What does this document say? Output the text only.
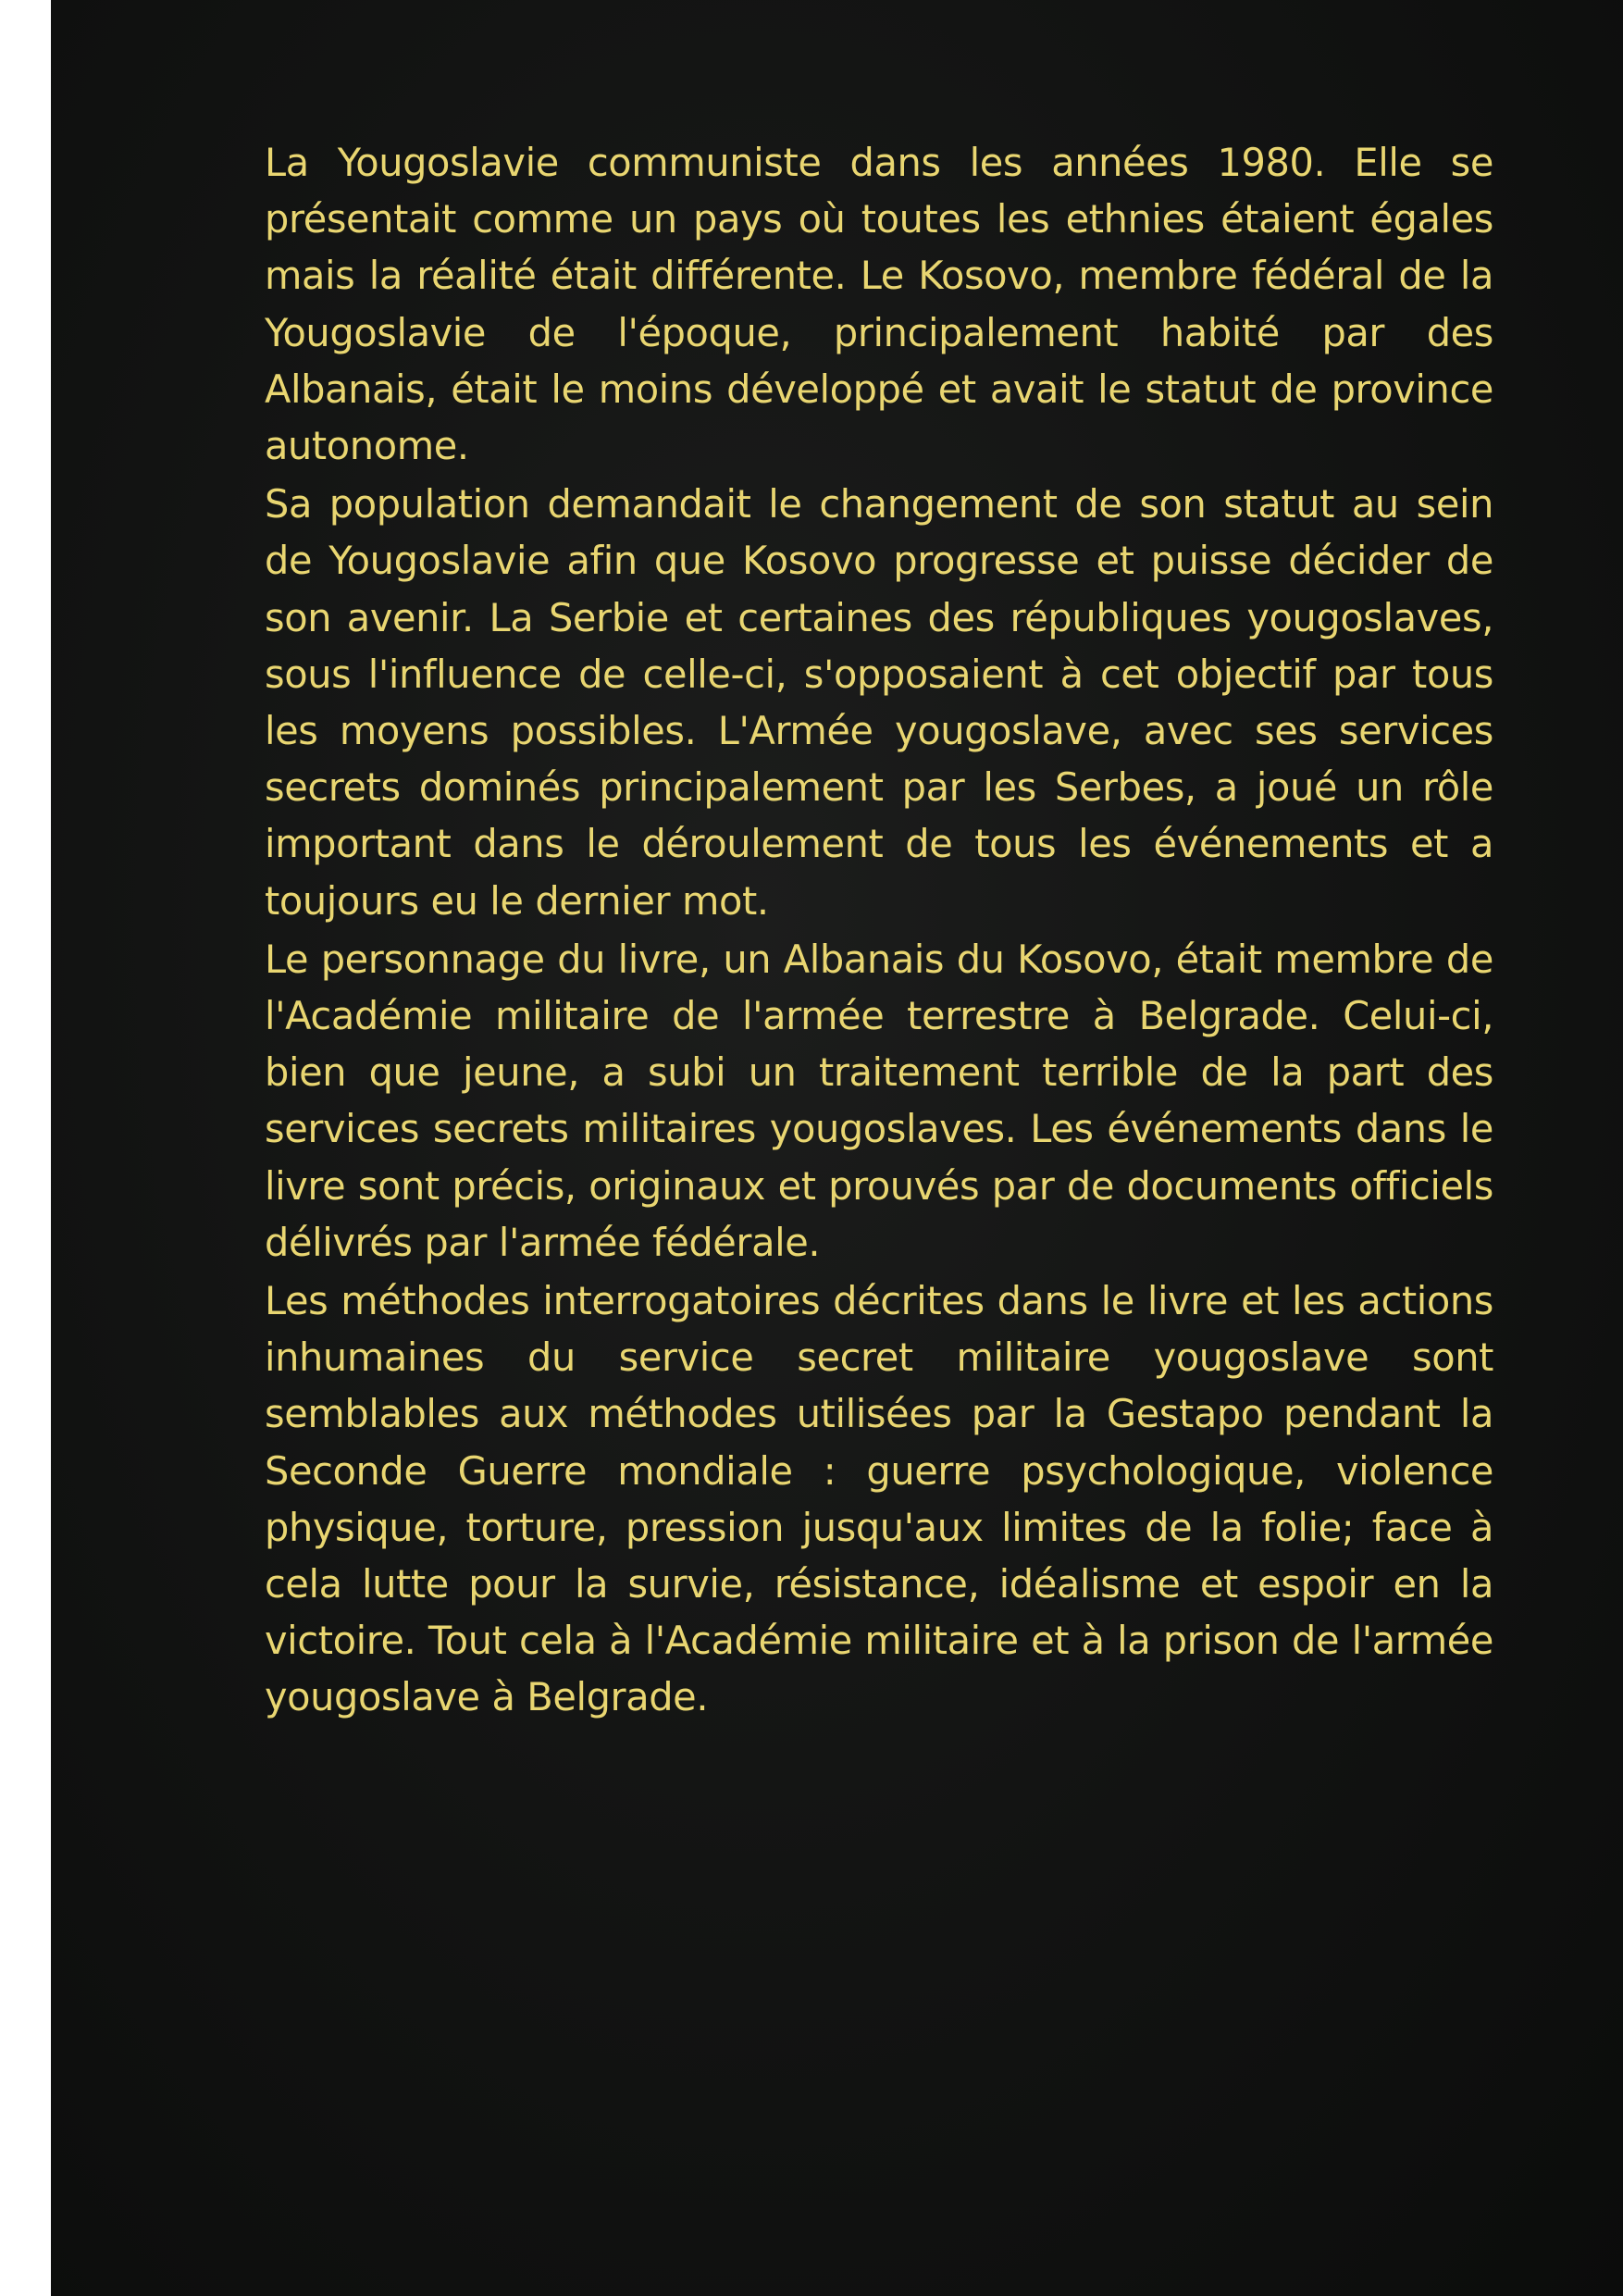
La Yougoslavie communiste dans les années 1980. Elle se présentait comme un pays où toutes les ethnies étaient égales mais la réalité était différente. Le Kosovo, membre fédéral de la Yougoslavie de l'époque, principalement habité par des Albanais, était le moins développé et avait le statut de province autonome.

Sa population demandait le changement de son statut au sein de Yougoslavie afin que Kosovo progresse et puisse décider de son avenir. La Serbie et certaines des républiques yougoslaves, sous l'influence de celle-ci, s'opposaient à cet objectif par tous les moyens possibles. L'Armée yougoslave, avec ses services secrets dominés principalement par les Serbes, a joué un rôle important dans le déroulement de tous les événements et a toujours eu le dernier mot.

Le personnage du livre, un Albanais du Kosovo, était membre de l'Académie militaire de l'armée terrestre à Belgrade. Celui-ci, bien que jeune, a subi un traitement terrible de la part des services secrets militaires yougoslaves. Les événements dans le livre sont précis, originaux et prouvés par de documents officiels délivrés par l'armée fédérale.

Les méthodes interrogatoires décrites dans le livre et les actions inhumaines du service secret militaire yougoslave sont semblables aux méthodes utilisées par la Gestapo pendant la Seconde Guerre mondiale : guerre psychologique, violence physique, torture, pression jusqu'aux limites de la folie; face à cela lutte pour la survie, résistance, idéalisme et espoir en la victoire. Tout cela à l'Académie militaire et à la prison de l'armée yougoslave à Belgrade.
